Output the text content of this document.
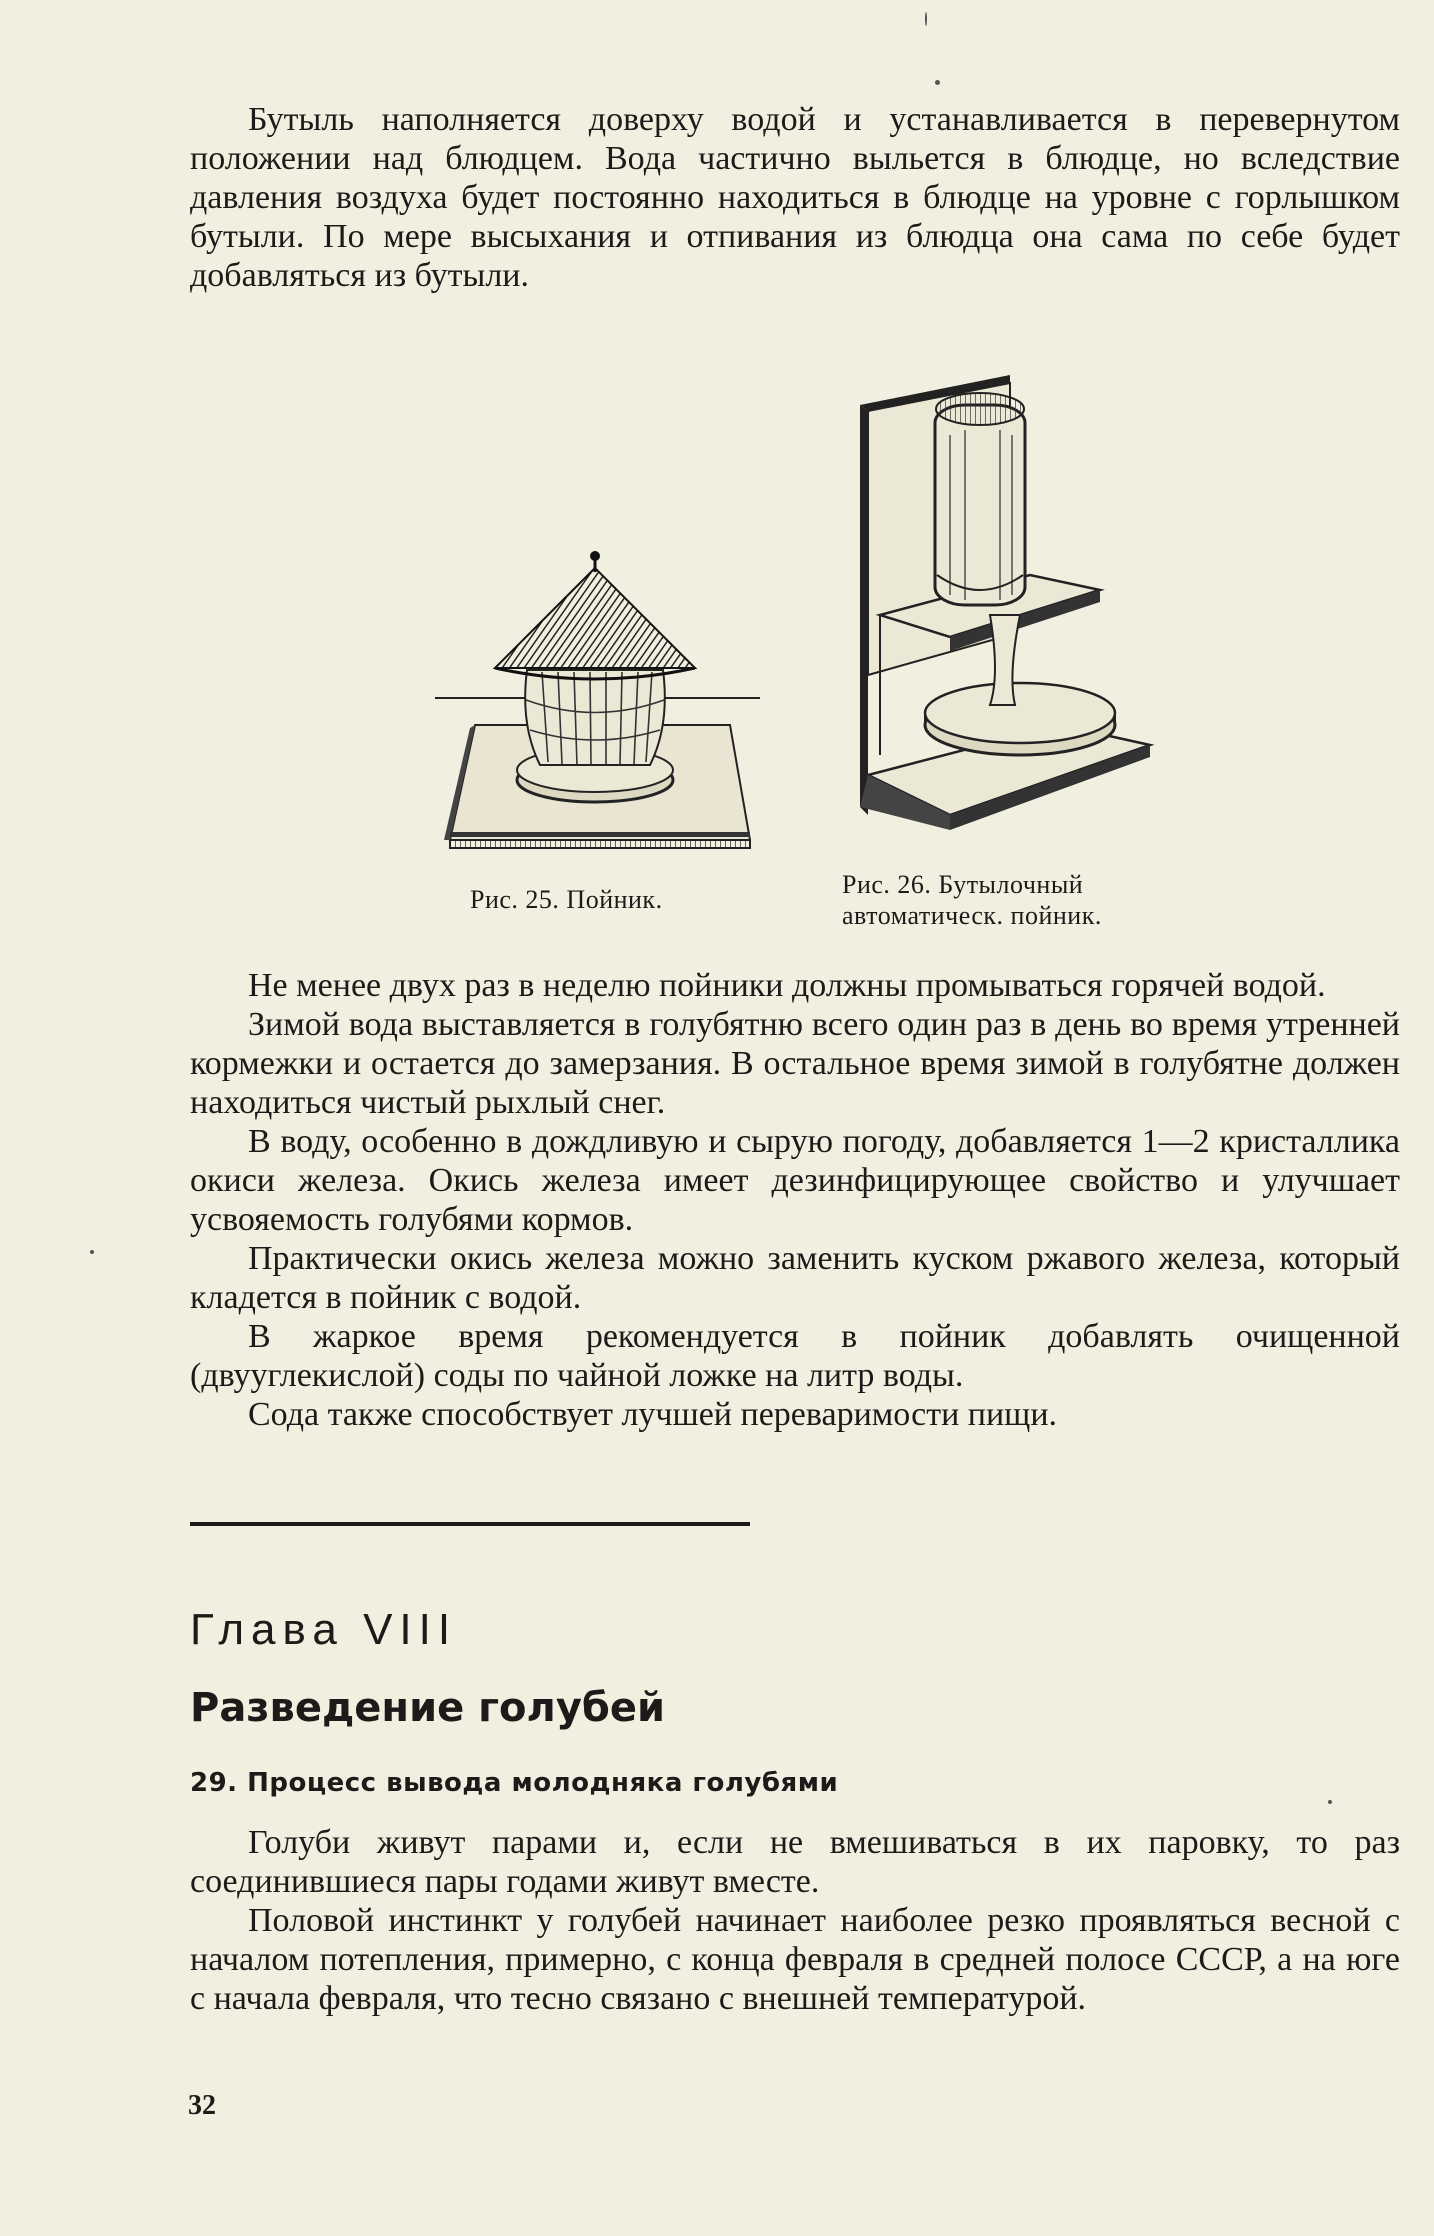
Бутыль наполняется доверху водой и устанавливается в перевернутом положении над блюдцем. Вода частично выльется в блюдце, но вследствие давления воздуха будет постоянно находиться в блюдце на уровне с горлышком бутыли. По мере высыхания и отпивания из блюдца она сама по себе будет добавляться из бутыли.

Рис. 25. Пойник.
Рис. 26. Бутылочный
автоматическ. пойник.

Не менее двух раз в неделю пойники должны промываться горячей водой.

Зимой вода выставляется в голубятню всего один раз в день во время утренней кормежки и остается до замерзания. В остальное время зимой в голубятне должен находиться чистый рыхлый снег.

В воду, особенно в дождливую и сырую погоду, добавляется 1—2 кристаллика окиси железа. Окись железа имеет дезинфицирующее свойство и улучшает усвояемость голубями кормов.

Практически окись железа можно заменить куском ржавого железа, который кладется в пойник с водой.

В жаркое время рекомендуется в пойник добавлять очищенной (двууглекислой) соды по чайной ложке на литр воды.

Сода также способствует лучшей переваримости пищи.

Глава VIII
Разведение голубей
29. Процесс вывода молодняка голубями

Голуби живут парами и, если не вмешиваться в их паровку, то раз соединившиеся пары годами живут вместе.

Половой инстинкт у голубей начинает наиболее резко проявляться весной с началом потепления, примерно, с конца февраля в средней полосе СССР, а на юге с начала февраля, что тесно связано с внешней температурой.

32
